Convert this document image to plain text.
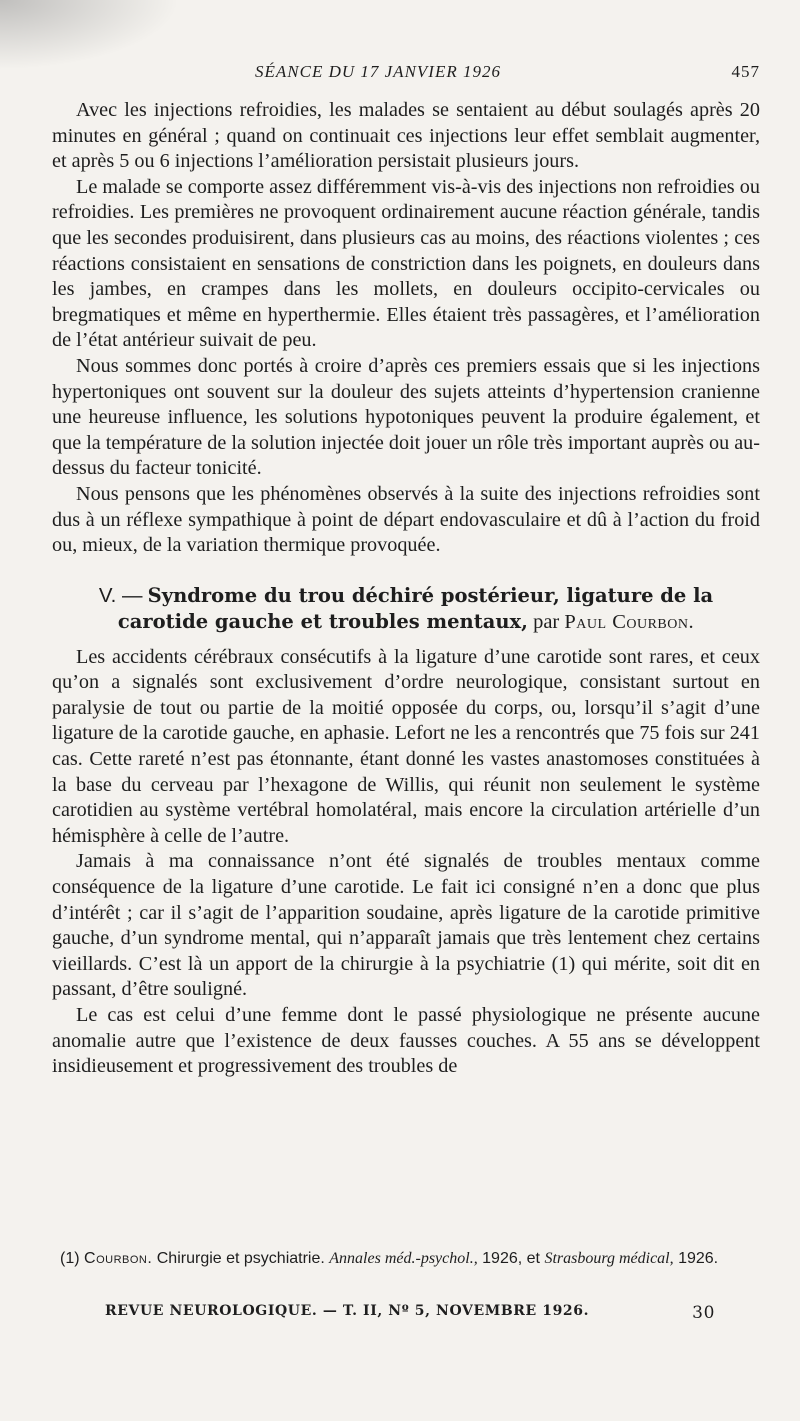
SÉANCE DU 17 JANVIER 1926	457

Avec les injections refroidies, les malades se sentaient au début soulagés après 20 minutes en général ; quand on continuait ces injections leur effet semblait augmenter, et après 5 ou 6 injections l’amélioration persistait plusieurs jours.

Le malade se comporte assez différemment vis-à-vis des injections non refroidies ou refroidies. Les premières ne provoquent ordinairement aucune réaction générale, tandis que les secondes produisirent, dans plusieurs cas au moins, des réactions violentes ; ces réactions consistaient en sensations de constriction dans les poignets, en douleurs dans les jambes, en crampes dans les mollets, en douleurs occipito-cervicales ou bregmatiques et même en hyperthermie. Elles étaient très passagères, et l’amélioration de l’état antérieur suivait de peu.

Nous sommes donc portés à croire d’après ces premiers essais que si les injections hypertoniques ont souvent sur la douleur des sujets atteints d’hypertension cranienne une heureuse influence, les solutions hypotoniques peuvent la produire également, et que la température de la solution injectée doit jouer un rôle très important auprès ou au-dessus du facteur tonicité.

Nous pensons que les phénomènes observés à la suite des injections refroidies sont dus à un réflexe sympathique à point de départ endovasculaire et dû à l’action du froid ou, mieux, de la variation thermique provoquée.

V. — Syndrome du trou déchiré postérieur, ligature de la carotide gauche et troubles mentaux, par Paul Courbon.

Les accidents cérébraux consécutifs à la ligature d’une carotide sont rares, et ceux qu’on a signalés sont exclusivement d’ordre neurologique, consistant surtout en paralysie de tout ou partie de la moitié opposée du corps, ou, lorsqu’il s’agit d’une ligature de la carotide gauche, en aphasie. Lefort ne les a rencontrés que 75 fois sur 241 cas. Cette rareté n’est pas étonnante, étant donné les vastes anastomoses constituées à la base du cerveau par l’hexagone de Willis, qui réunit non seulement le système carotidien au système vertébral homolatéral, mais encore la circulation artérielle d’un hémisphère à celle de l’autre.

Jamais à ma connaissance n’ont été signalés de troubles mentaux comme conséquence de la ligature d’une carotide. Le fait ici consigné n’en a donc que plus d’intérêt ; car il s’agit de l’apparition soudaine, après ligature de la carotide primitive gauche, d’un syndrome mental, qui n’apparaît jamais que très lentement chez certains vieillards. C’est là un apport de la chirurgie à la psychiatrie (1) qui mérite, soit dit en passant, d’être souligné.

Le cas est celui d’une femme dont le passé physiologique ne présente aucune anomalie autre que l’existence de deux fausses couches. A 55 ans se développent insidieusement et progressivement des troubles de

(1) Courbon. Chirurgie et psychiatrie. Annales méd.-psychol., 1926, et Strasbourg médical, 1926.
REVUE NEUROLOGIQUE. — T. II, Nº 5, NOVEMBRE 1926.	30
